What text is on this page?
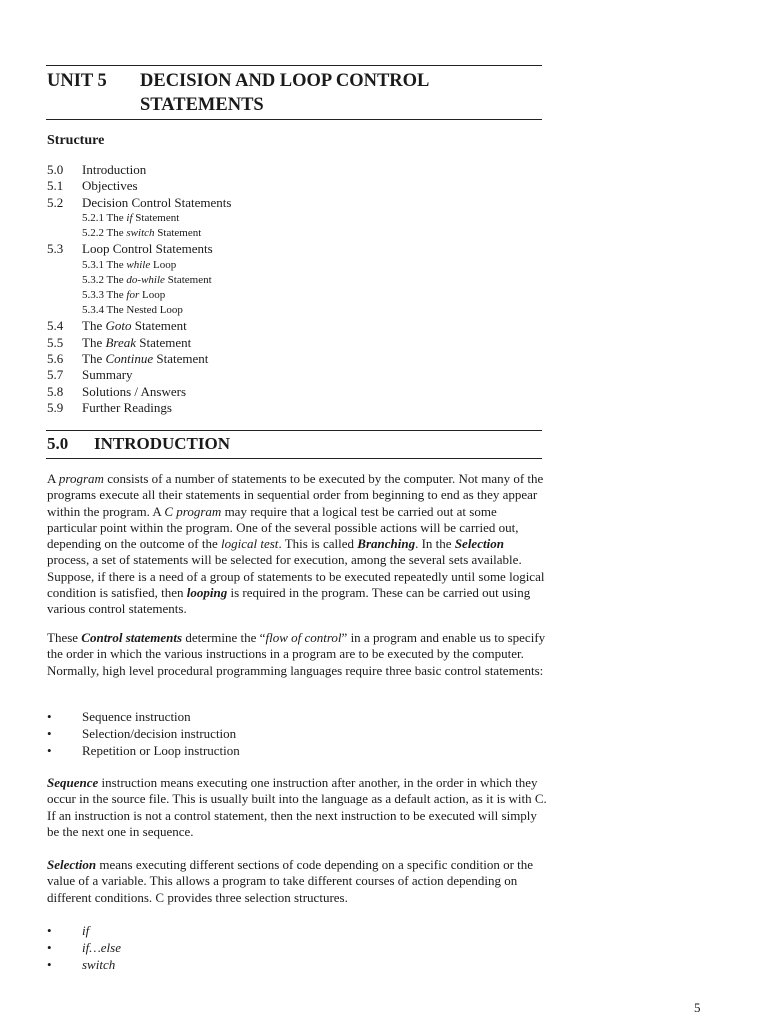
UNIT 5 DECISION AND LOOP CONTROL STATEMENTS
Structure
5.0 Introduction
5.1 Objectives
5.2 Decision Control Statements
5.2.1 The if Statement
5.2.2 The switch Statement
5.3 Loop Control Statements
5.3.1 The while Loop
5.3.2 The do-while Statement
5.3.3 The for Loop
5.3.4 The Nested Loop
5.4 The Goto Statement
5.5 The Break Statement
5.6 The Continue Statement
5.7 Summary
5.8 Solutions / Answers
5.9 Further Readings
5.0 INTRODUCTION
A program consists of a number of statements to be executed by the computer. Not many of the programs execute all their statements in sequential order from beginning to end as they appear within the program. A C program may require that a logical test be carried out at some particular point within the program. One of the several possible actions will be carried out, depending on the outcome of the logical test. This is called Branching. In the Selection process, a set of statements will be selected for execution, among the several sets available. Suppose, if there is a need of a group of statements to be executed repeatedly until some logical condition is satisfied, then looping is required in the program. These can be carried out using various control statements.
These Control statements determine the “flow of control” in a program and enable us to specify the order in which the various instructions in a program are to be executed by the computer. Normally, high level procedural programming languages require three basic control statements:
• Sequence instruction
• Selection/decision instruction
• Repetition or Loop instruction
Sequence instruction means executing one instruction after another, in the order in which they occur in the source file. This is usually built into the language as a default action, as it is with C. If an instruction is not a control statement, then the next instruction to be executed will simply be the next one in sequence.
Selection means executing different sections of code depending on a specific condition or the value of a variable. This allows a program to take different courses of action depending on different conditions. C provides three selection structures.
• if
• if…else
• switch
5
